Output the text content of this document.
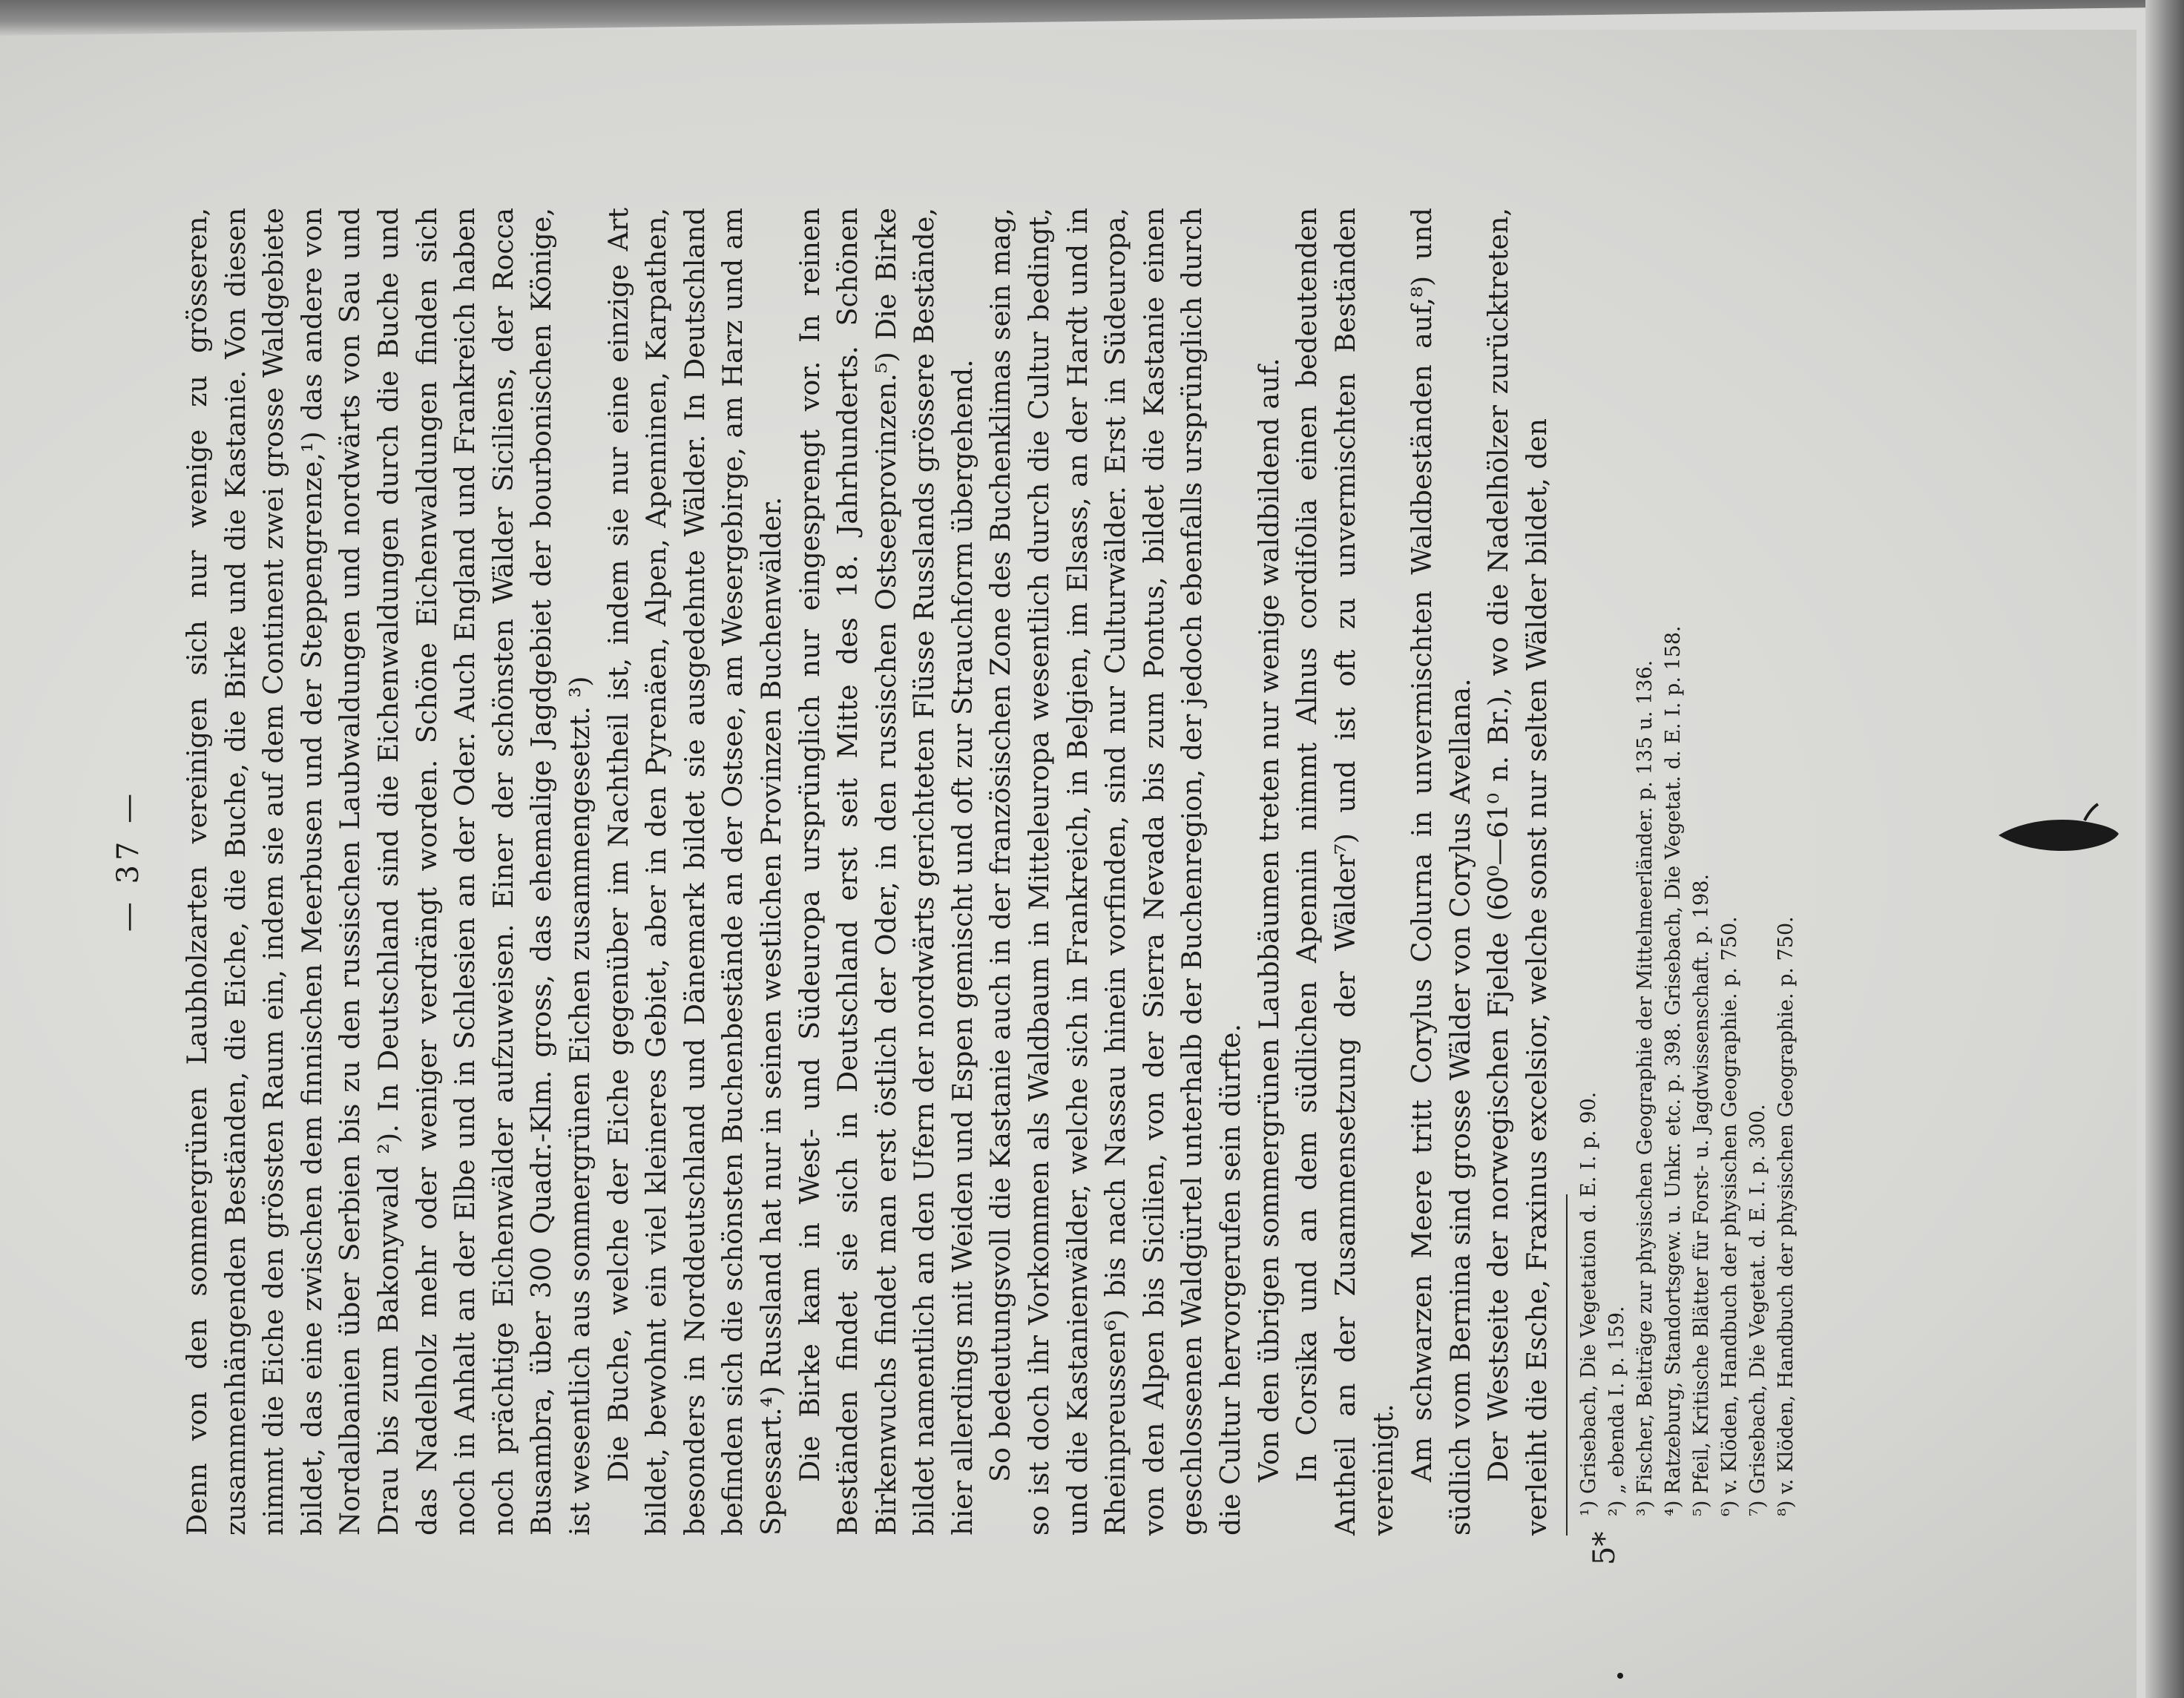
— 37 — Denn von den sommergrünen Laubholzarten vereinigen sich nur wenige zu grösseren, zusammenhängenden Beständen, die Eiche, die Buche, die Birke und die Kastanie. Von diesen nimmt die Eiche den grössten Raum ein, indem sie auf dem Continent zwei grosse Waldgebiete bildet, das eine zwischen dem finnischen Meerbusen und der Steppengrenze,¹) das andere von Nordalbanien über Serbien bis zu den russischen Laubwaldungen und nordwärts von Sau und Drau bis zum Bakonywald ²). In Deutschland sind die Eichenwaldungen durch die Buche und das Nadelholz mehr oder weniger verdrängt worden. Schöne Eichenwaldungen finden sich noch in Anhalt an der Elbe und in Schlesien an der Oder. Auch England und Frankreich haben noch prächtige Eichenwälder aufzuweisen. Einer der schönsten Wälder Siciliens, der Rocca Busambra, über 300 Quadr.-Klm. gross, das ehemalige Jagdgebiet der bourbonischen Könige, ist wesentlich aus sommergrünen Eichen zusammengesetzt. ³) Die Buche, welche der Eiche gegenüber im Nachtheil ist, indem sie nur eine einzige Art bildet, bewohnt ein viel kleineres Gebiet, aber in den Pyrenäen, Alpen, Apenninen, Karpathen, besonders in Norddeutschland und Dänemark bildet sie ausgedehnte Wälder. In Deutschland befinden sich die schönsten Buchenbestände an der Ostsee, am Wesergebirge, am Harz und am Spessart.⁴) Russland hat nur in seinen westlichen Provinzen Buchenwälder. Die Birke kam in West- und Südeuropa ursprünglich nur eingesprengt vor. In reinen Beständen findet sie sich in Deutschland erst seit Mitte des 18. Jahrhunderts. Schönen Birkenwuchs findet man erst östlich der Oder, in den russischen Ostseeprovinzen.⁵) Die Birke bildet namentlich an den Ufern der nordwärts gerichteten Flüsse Russlands grössere Bestände, hier allerdings mit Weiden und Espen gemischt und oft zur Strauchform übergehend. So bedeutungsvoll die Kastanie auch in der französischen Zone des Buchenklimas sein mag, so ist doch ihr Vorkommen als Waldbaum in Mitteleuropa wesentlich durch die Cultur bedingt, und die Kastanienwälder, welche sich in Frankreich, in Belgien, im Elsass, an der Hardt und in Rheinpreussen⁶) bis nach Nassau hinein vorfinden, sind nur Culturwälder. Erst in Südeuropa, von den Alpen bis Sicilien, von der Sierra Nevada bis zum Pontus, bildet die Kastanie einen geschlossenen Waldgürtel unterhalb der Buchenregion, der jedoch ebenfalls ursprünglich durch die Cultur hervorgerufen sein dürfte. Von den übrigen sommergrünen Laubbäumen treten nur wenige waldbildend auf. In Corsika und an dem südlichen Apennin nimmt Alnus cordifolia einen bedeutenden Antheil an der Zusammensetzung der Wälder⁷) und ist oft zu unvermischten Beständen vereinigt. Am schwarzen Meere tritt Corylus Colurna in unvermischten Waldbeständen auf,⁸) und südlich vom Bernina sind grosse Wälder von Corylus Avellana. Der Westseite der norwegischen Fjelde (60⁰—61⁰ n. Br.), wo die Nadelhölzer zurücktreten, verleiht die Esche, Fraxinus excelsior, welche sonst nur selten Wälder bildet, den ¹) Grisebach, Die Vegetation d. E. I. p. 90. ²) „ ebenda I. p. 159. ³) Fischer, Beiträge zur physischen Geographie der Mittelmeerländer. p. 135 u. 136. ⁴) Ratzeburg, Standortsgew. u. Unkr. etc. p. 398. Grisebach, Die Vegetat. d. E. I. p. 158. ⁵) Pfeil, Kritische Blätter für Forst- u. Jagdwissenschaft. p. 198. ⁶) v. Klöden, Handbuch der physischen Geographie. p. 750. ⁷) Grisebach, Die Vegetat. d. E. I. p. 300. ⁸) v. Klöden, Handbuch der physischen Geographie. p. 750.
5*
